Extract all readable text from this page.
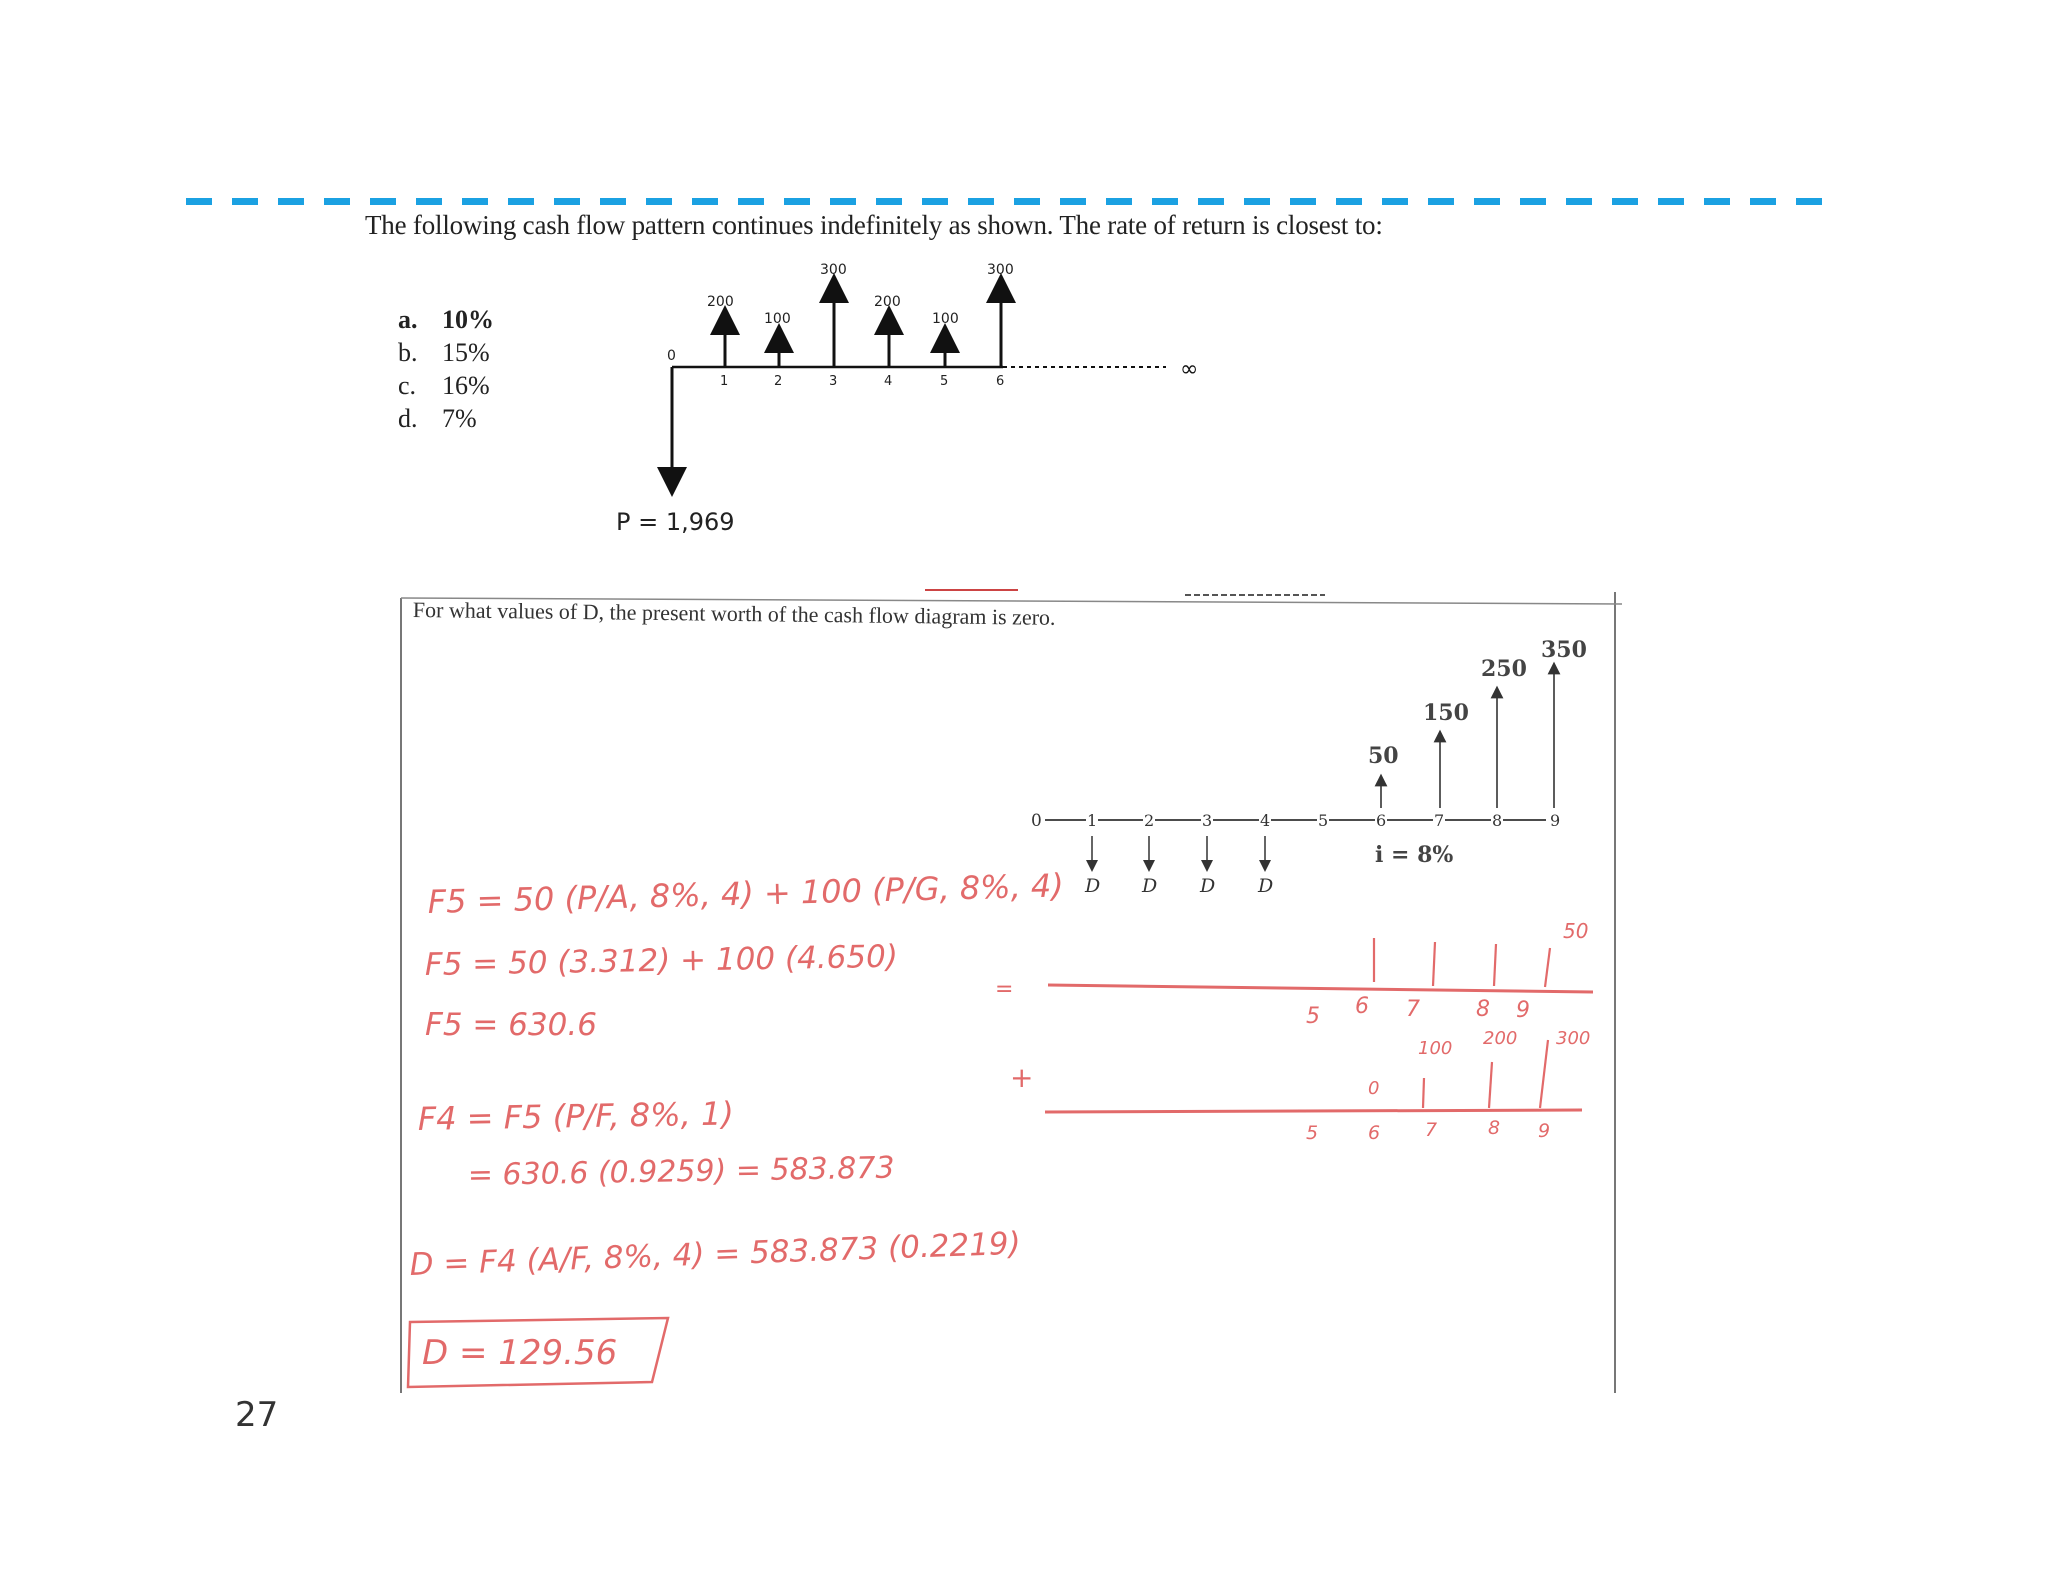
The following cash flow pattern continues indefinitely as shown. The rate of return is closest to:
a. 10%
b. 15%
c. 16%
d. 7%
∞
P = 1,969
0
200
1
100
2
300
3
200
4
100
5
300
6
0	1	2	3	4	5	6	7	8	9
D D D D
50
150
250
350
i = 8%
F5 = 50 (P/A, 8%, 4) + 100 (P/G, 8%, 4)
F5 = 50 (3.312) + 100 (4.650)
F5 = 630.6
F4 = F5 (P/F, 8%, 1)
= 630.6 (0.9259) = 583.873
D = F4 (A/F, 8%, 4) = 583.873 (0.2219)
D = 129.56
=
50
5 6 7	8 9
+	0
100 200 300
5	6 7	8 9
For what values of D, the present worth of the cash flow diagram is zero.
27
